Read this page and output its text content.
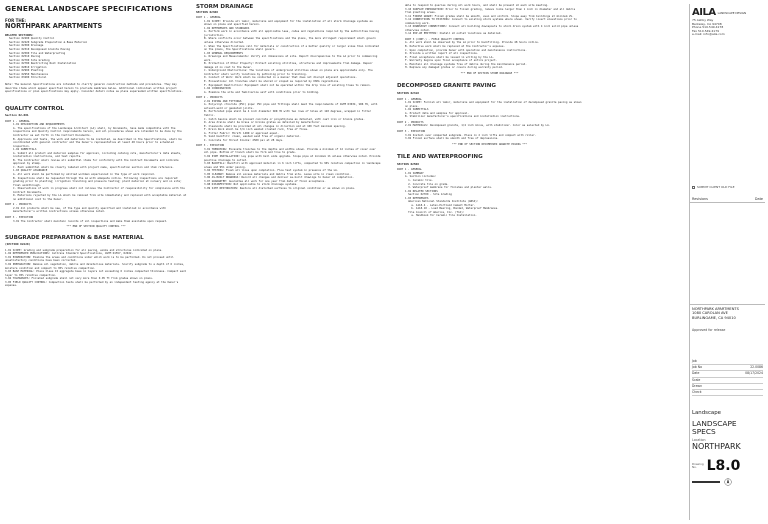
GENERAL LANDSCAPE SPECIFICATIONS
FOR THE:
NORTHPARK APARTMENTS
RELATED SECTIONS:
Section 02200 Quality Control
Section 02220 Subgrade Preparation & Base Material
Section 02300 Drainage
Section 02310 Decomposed Granite Paving
Section 02500 Tile and Waterproofing
Section 02510 Paving
Section 02700 Site Grading
Section 02780 Restricting Root Installation
Section 02810 Irrigation
Section 02900 Planting
Section 02950 Maintenance
Section 03200 Structural
Note: The General Specifications are intended to clarify general construction methods and procedures. They may describe items which appear specified herein to preclude membrane below. Additional individual written project specifications or plan specifications may apply. Consider detail notes as plans superseded written specifications.
QUALITY CONTROL
Section 02-001
PART 1 - GENERAL
1.01 DESCRIPTION AND REQUIREMENTS
A. The specifications of the Landscape Architect (LA) shall, by Documents, have made compatible with the inspections and Quality Control requirements herein, and all procedures shown are intended to be done by the Contractor as set forth in the Contract Documents.
B. Approvals and tests, the work and materials to be installed, as described in the Specifications, shall be coordinated with general contractor and the Owner's representative at least 48 hours prior to scheduled inspection.
1.02 SUBMITTALS
A. Submit all product and material samples for approval, including catalog cuts, manufacturer's data sheets, installation instructions, and test reports.
B. The Contractor shall review all submittal items for conformity with the Contract Documents and indicate approval by stamp.
C. Each submittal shall be clearly labeled with project name, specification section and item reference.
1.03 QUALITY ASSURANCE
A. All work shall be performed by skilled workmen experienced in the type of work required.
B. Inspections shall be requested through the LA with adequate notice. Following inspections are required: grading prior to planting; irrigation trenching and pressure testing; plant material at nursery and on site; final walkthrough.
C. Observations of work in progress shall not relieve the Contractor of responsibility for compliance with the Contract Documents.
D. Materials rejected by the LA shall be removed from site immediately and replaced with acceptable material at no additional cost to the Owner.

PART 2 - PRODUCTS
2.01 All products shall be new, of the type and quality specified and installed in accordance with manufacturer's written instructions unless otherwise noted.

PART 3 - EXECUTION
3.01 The Contractor shall maintain records of all inspections and make them available upon request.

*** END OF SECTION QUALITY CONTROL ***
SUBGRADE PREPARATION & BASE MATERIAL
(SECTION 02220)
1.01 SCOPE: Grading and subgrade preparation for all paving, walks and structures indicated on plans.
1.02 REFERENCED PUBLICATIONS: Caltrans Standard Specifications, ASTM D1557, D2922.
3.01 EXAMINATION: Examine the areas and conditions under which work is to be performed. Do not proceed until unsatisfactory conditions have been corrected.
3.02 PREPARATION: Remove all vegetation, debris and deleterious materials. Scarify subgrade to a depth of 6 inches, moisture condition and compact to 95% relative compaction.
3.03 BASE MATERIAL: Place Class II aggregate base in layers not exceeding 6 inches compacted thickness. Compact each layer to 95% relative compaction.
3.04 TOLERANCES: Finished subgrade shall not vary more than 0.05 ft from grades shown on plans.
3.05 FIELD QUALITY CONTROL: Compaction tests shall be performed by an independent testing agency at the Owner's expense.

STORM DRAINAGE
SECTION 02300
PART 1 - GENERAL
1.01 SCOPE: Provide all labor, materials and equipment for the installation of all storm drainage systems as shown on plans and specified herein.
1.02 REFERENCES AND STANDARDS
A. Perform work in accordance with all applicable laws, codes and regulations required by the authorities having jurisdiction.
B. Where conflicts occur between the specifications and the plans, the more stringent requirement shall govern unless otherwise directed.
C. When the Specifications call for materials or construction of a better quality or larger sizes than indicated on the plans, the Specifications shall govern.
1.03 GENERAL REQUIREMENTS
A. Drawings and Measurements: Verify all dimensions at site. Report discrepancies to the LA prior to commencing work.
B. Protection of Other Property: Protect existing utilities, structures and improvements from damage. Repair damage at no cost to the Owner.
C. Underground Obstructions: The locations of underground utilities shown on plans are approximate only. The Contractor shall verify locations by potholing prior to trenching.
D. Conduct of Work: Work shall be conducted in a manner that does not disrupt adjacent operations.
E. Excavations: All trenches shall be shored or sloped as required by OSHA regulations.
F. Equipment Restriction: Equipment shall not be operated within the drip line of existing trees to remain.
1.04 COORDINATION
A. Examine the site and familiarize self with conditions prior to bidding.

PART 2 - PRODUCTS
2.01 PIPING AND FITTINGS
A. Polyvinyl chloride (PVC) pipe: PVC pipe and fittings shall meet the requirements of ASTM D3034, SDR 35, with solvent-weld or gasketed joints.
B. Perforated pipe shall be 4 inch diameter SDR 35 with two rows of holes at 120 degrees, wrapped in filter fabric.
C. Catch basins shall be precast concrete or polyethylene as detailed, with cast iron or bronze grates.
D. Area drains shall be brass or bronze grates as detailed by manufacturer.
E. Cleanouts shall be provided at all changes in direction and at 100 foot maximum spacing.
F. Drain Rock shall be 3/4 inch washed crushed rock, free of fines.
G. Filter Fabric: Mirafi 140N or approved equal.
H. Sand backfill: clean, washed sand free of organic material.
I. Concrete for thrust blocks: 2500 psi at 28 days.

PART 3 - EXECUTION
3.01 TRENCHING: Excavate trenches to the depths and widths shown. Provide a minimum of 12 inches of cover over all pipe. Bottom of trench shall be firm and true to grade.
3.02 PIPE INSTALLATION: Lay pipe with bell ends upgrade. Slope pipe at minimum 1% unless otherwise noted. Provide positive drainage to outlet.
3.03 BACKFILL: Backfill with approved material in 6 inch lifts, compacted to 90% relative compaction in landscape areas and 95% under paving.
3.04 TESTING: Flush all lines upon completion. Flow test system in presence of the LA.
3.05 CLEANUP: Remove all excess materials and debris from site. Leave site in clean condition.
3.06 AS-BUILT DRAWINGS: Record all changes and deliver as-built drawings to Owner at completion.
3.07 GUARANTEE: Guarantee all work for one year from date of final acceptance.
3.08 DISINFECTION: Not applicable to storm drainage systems.
3.09 SITE RESTORATION: Restore all disturbed surfaces to original condition or as shown on plans.

able to respond to queries during all work hours, and shall be present at each site meeting.
3.10 SURFACE PREPARATION: Prior to finish grading, remove rocks larger than 1 inch in diameter and all debris from planting areas.
3.11 FINISH GRADE: Finish grades shall be smooth, even and uniform. Slope away from buildings at minimum 2%.
3.12 CONNECTIONS TO EXISTING: Connect to existing storm systems where shown. Verify invert elevations prior to commencing work.
3.13 DOWNSPOUT CONNECTIONS: Connect all building downspouts to storm drain system with 4 inch solid pipe unless otherwise noted.
3.14 POP-UP EMITTERS: Install at outlet locations as detailed.

PART 3 (CONT.) - FIELD QUALITY CONTROL
A. All work shall be observed by the LA prior to backfilling. Provide 48 hours notice.
B. Defective work shall be replaced at the Contractor's expense.
C. Upon completion, provide Owner with operation and maintenance instructions.
D. Provide a written report of all inspections.
E. Final acceptance shall be issued in writing by the LA.
F. Warranty begins upon final acceptance of entire project.
G. Maintain all drainage systems free of debris during the maintenance period.
H. Replace any damaged grates or covers during warranty period.

*** END OF SECTION STORM DRAINAGE ***
DECOMPOSED GRANITE PAVING
SECTION 02310
PART 1 - GENERAL
1.01 SCOPE: Furnish all labor, materials and equipment for the installation of decomposed granite paving as shown on plans.
1.02 SUBMITTALS
A. Product data and samples for approval.
B. Stabilizer manufacturer's specifications and installation instructions.

PART 2 - PRODUCTS
2.01 MATERIALS: Decomposed granite, 1/4 inch minus, with stabilizer. Color as selected by LA.

PART 3 - EXECUTION
3.01 Install over compacted subgrade. Place in 2 inch lifts and compact with roller.
3.02 Finish surface shall be smooth and free of depressions.

*** END OF SECTION DECOMPOSED GRANITE PAVING ***
TILE AND WATERPROOFING
SECTION 02500
PART 1 - GENERAL
1.01 SUMMARY
A. Section includes:
1. Ceramic tile.
2. Concrete tile on grade.
3. Waterproof membrane for finishes and planter walls.
1.02 RELATED SECTIONS
Section 02700 - Site Grading
1.03 REFERENCES
American National Standards Institute (ANSI):
a. A118.4 - Latex-Portland Cement Mortar.
b. A118.10 - Load Bearing, Bonded, Waterproof Membranes.
Tile Council of America, Inc. (TCA):
a. Handbook for Ceramic Tile Installation.

AILA LANDSCAPE DESIGN
75 Ashby Way
Berkeley, CA 94708
Phone 510.549.4178
Fax 510.549.4179
e-mail: info@aila.com
SUBMIT CLIENT OLD FILE
Revisions	Date
NORTHPARK APARTMENTS
1080 CAROLAN AVE
BURLINGAME, CA 94010
Approved for release
Job
Job No	22.0086
Date	08/17/2024
Scale
Drawn
Check
Landscape
LANDSCAPE
SPECS
Location
NORTHPARK
Drawing
No. L8.0
